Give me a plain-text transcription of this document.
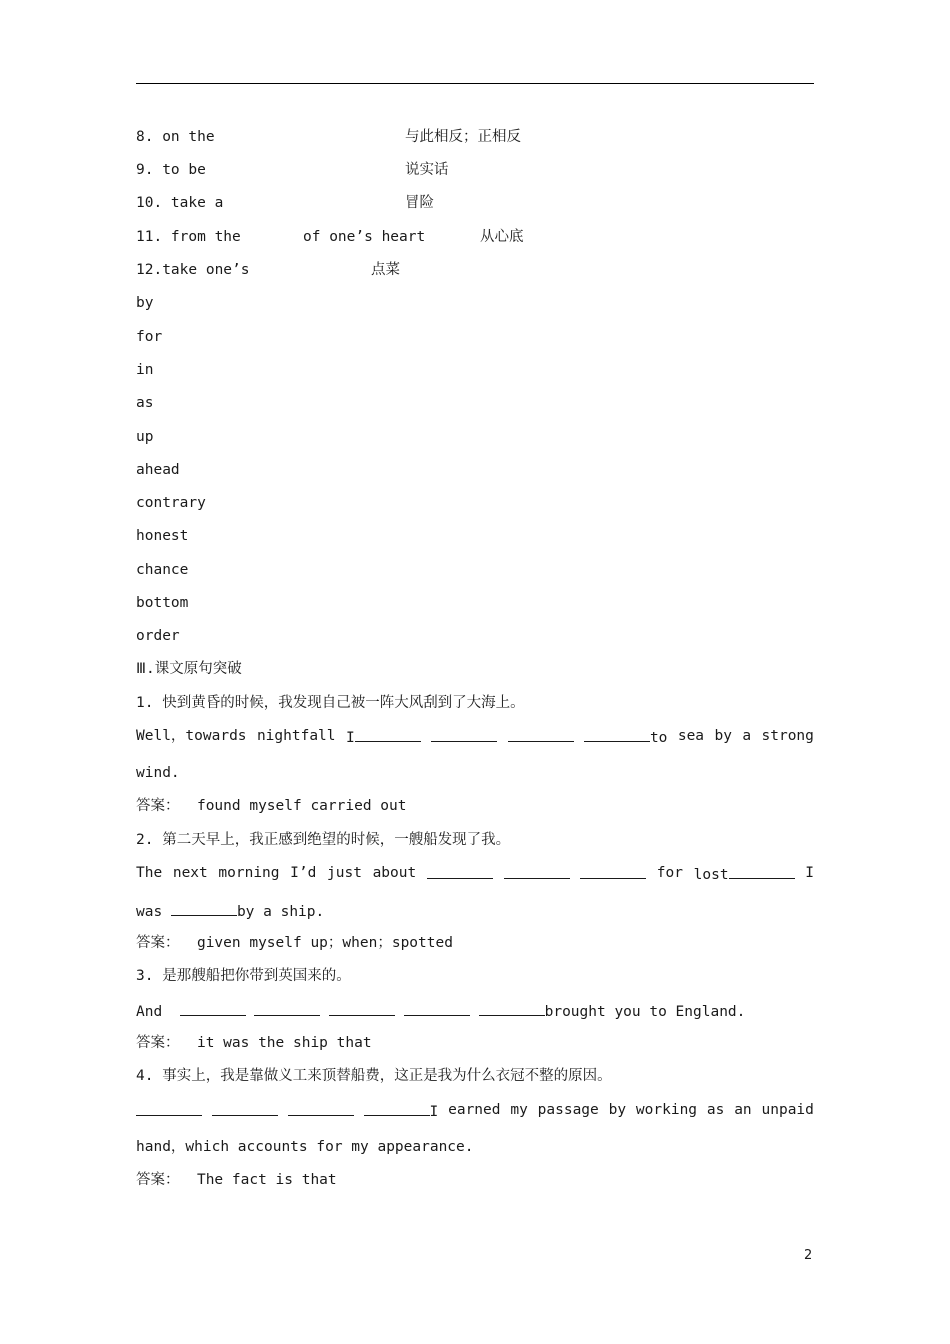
8. on the	与此相反；正相反
9. to be	说实话
10. take a	冒险
11. from the	of one’s heart	从心底
12.take one’s	点菜
by
for
in
as
up
ahead
contrary
honest
chance
bottom
order
Ⅲ.课文原句突破
1. 快到黄昏的时候，我发现自己被一阵大风刮到了大海上。
Well，towards nightfall I	to sea by a strong
wind.
答案： found myself carried out
2. 第二天早上，我正感到绝望的时候，一艘船发现了我。
The next morning I’d just about	for lost	I
was	by a ship.
答案： given myself up；when；spotted
3. 是那艘船把你带到英国来的。
And	brought you to England.
答案： it was the ship that
4. 事实上，我是靠做义工来顶替船费，这正是我为什么衣冠不整的原因。
I earned my passage by working as an unpaid
hand，which accounts for my appearance.
答案： The fact is that
2
